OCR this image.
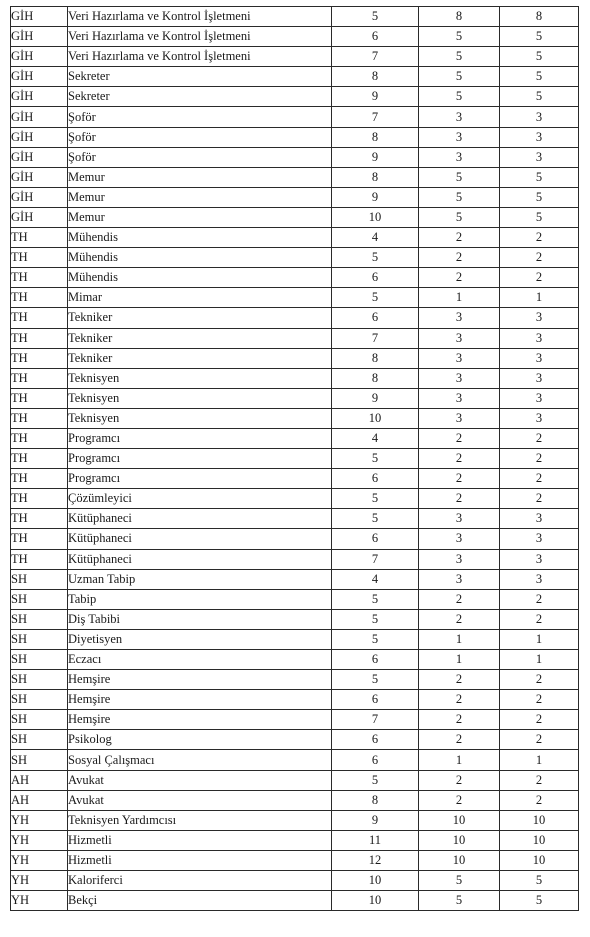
GİH	Veri Hazırlama ve Kontrol İşletmeni	5	8	8
GİH	Veri Hazırlama ve Kontrol İşletmeni	6	5	5
GİH	Veri Hazırlama ve Kontrol İşletmeni	7	5	5
GİH	Sekreter	8	5	5
GİH	Sekreter	9	5	5
GİH	Şoför	7	3	3
GİH	Şoför	8	3	3
GİH	Şoför	9	3	3
GİH	Memur	8	5	5
GİH	Memur	9	5	5
GİH	Memur	10	5	5
TH	Mühendis	4	2	2
TH	Mühendis	5	2	2
TH	Mühendis	6	2	2
TH	Mimar	5	1	1
TH	Tekniker	6	3	3
TH	Tekniker	7	3	3
TH	Tekniker	8	3	3
TH	Teknisyen	8	3	3
TH	Teknisyen	9	3	3
TH	Teknisyen	10	3	3
TH	Programcı	4	2	2
TH	Programcı	5	2	2
TH	Programcı	6	2	2
TH	Çözümleyici	5	2	2
TH	Kütüphaneci	5	3	3
TH	Kütüphaneci	6	3	3
TH	Kütüphaneci	7	3	3
SH	Uzman Tabip	4	3	3
SH	Tabip	5	2	2
SH	Diş Tabibi	5	2	2
SH	Diyetisyen	5	1	1
SH	Eczacı	6	1	1
SH	Hemşire	5	2	2
SH	Hemşire	6	2	2
SH	Hemşire	7	2	2
SH	Psikolog	6	2	2
SH	Sosyal Çalışmacı	6	1	1
AH	Avukat	5	2	2
AH	Avukat	8	2	2
YH	Teknisyen Yardımcısı	9	10	10
YH	Hizmetli	11	10	10
YH	Hizmetli	12	10	10
YH	Kaloriferci	10	5	5
YH	Bekçi	10	5	5
